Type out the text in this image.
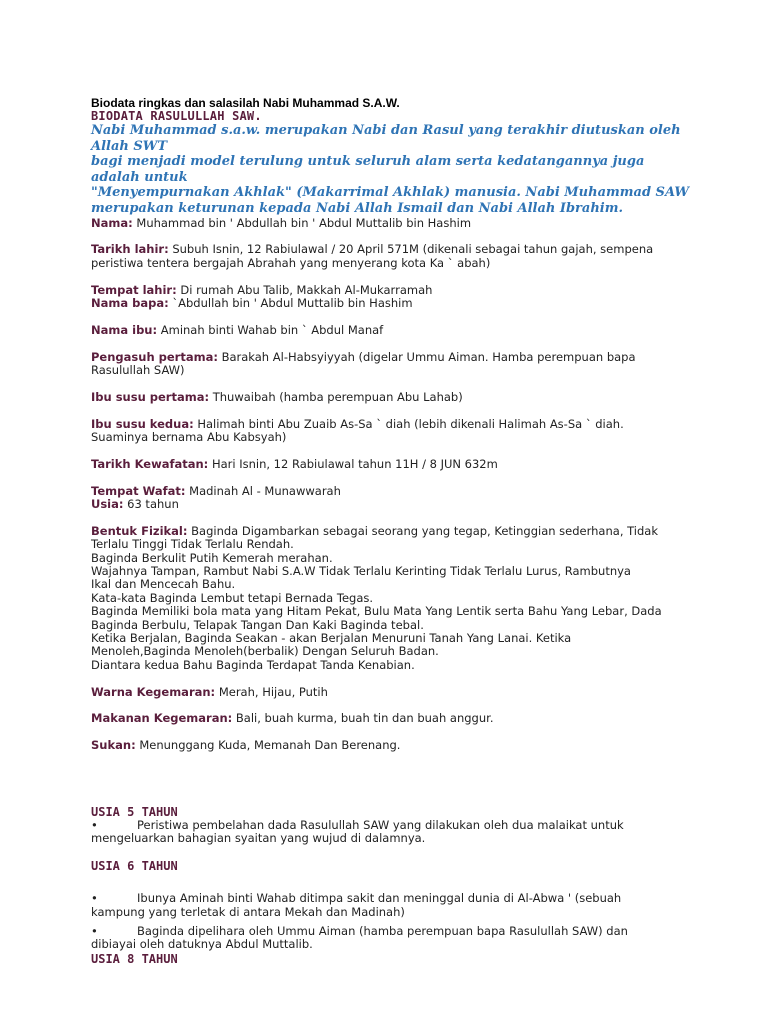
Biodata ringkas dan salasilah Nabi Muhammad S.A.W.

BIODATA RASULULLAH SAW.

Nabi Muhammad s.a.w. merupakan Nabi dan Rasul yang terakhir diutuskan oleh Allah SWT

bagi menjadi model terulung untuk seluruh alam serta kedatangannya juga adalah untuk

"Menyempurnakan Akhlak" (Makarrimal Akhlak) manusia. Nabi Muhammad SAW

merupakan keturunan kepada Nabi Allah Ismail dan Nabi Allah Ibrahim.

Nama: Muhammad bin ' Abdullah bin ' Abdul Muttalib bin Hashim

Tarikh lahir: Subuh Isnin, 12 Rabiulawal / 20 April 571M (dikenali sebagai tahun gajah, sempena

peristiwa tentera bergajah Abrahah yang menyerang kota Ka ` abah)

Tempat lahir: Di rumah Abu Talib, Makkah Al-Mukarramah

Nama bapa: `Abdullah bin ' Abdul Muttalib bin Hashim

Nama ibu: Aminah binti Wahab bin ` Abdul Manaf

Pengasuh pertama: Barakah Al-Habsyiyyah (digelar Ummu Aiman. Hamba perempuan bapa

Rasulullah SAW)

Ibu susu pertama: Thuwaibah (hamba perempuan Abu Lahab)

Ibu susu kedua: Halimah binti Abu Zuaib As-Sa ` diah (lebih dikenali Halimah As-Sa ` diah.

Suaminya bernama Abu Kabsyah)

Tarikh Kewafatan: Hari Isnin, 12 Rabiulawal tahun 11H / 8 JUN 632m

Tempat Wafat: Madinah Al - Munawwarah

Usia: 63 tahun

Bentuk Fizikal: Baginda Digambarkan sebagai seorang yang tegap, Ketinggian sederhana, Tidak

Terlalu Tinggi Tidak Terlalu Rendah.

Baginda Berkulit Putih Kemerah merahan.

Wajahnya Tampan, Rambut Nabi S.A.W Tidak Terlalu Kerinting Tidak Terlalu Lurus, Rambutnya

Ikal dan Mencecah Bahu.

Kata-kata Baginda Lembut tetapi Bernada Tegas.

Baginda Memiliki bola mata yang Hitam Pekat, Bulu Mata Yang Lentik serta Bahu Yang Lebar, Dada

Baginda Berbulu, Telapak Tangan Dan Kaki Baginda tebal.

Ketika Berjalan, Baginda Seakan - akan Berjalan Menuruni Tanah Yang Lanai. Ketika

Menoleh,Baginda Menoleh(berbalik) Dengan Seluruh Badan.

Diantara kedua Bahu Baginda Terdapat Tanda Kenabian.

Warna Kegemaran: Merah, Hijau, Putih

Makanan Kegemaran: Bali, buah kurma, buah tin dan buah anggur.

Sukan: Menunggang Kuda, Memanah Dan Berenang.

USIA 5 TAHUN

•	Peristiwa pembelahan dada Rasulullah SAW yang dilakukan oleh dua malaikat untuk

mengeluarkan bahagian syaitan yang wujud di dalamnya.

USIA 6 TAHUN

•	Ibunya Aminah binti Wahab ditimpa sakit dan meninggal dunia di Al-Abwa ' (sebuah

kampung yang terletak di antara Mekah dan Madinah)

•	Baginda dipelihara oleh Ummu Aiman (hamba perempuan bapa Rasulullah SAW) dan

dibiayai oleh datuknya Abdul Muttalib.

USIA 8 TAHUN
